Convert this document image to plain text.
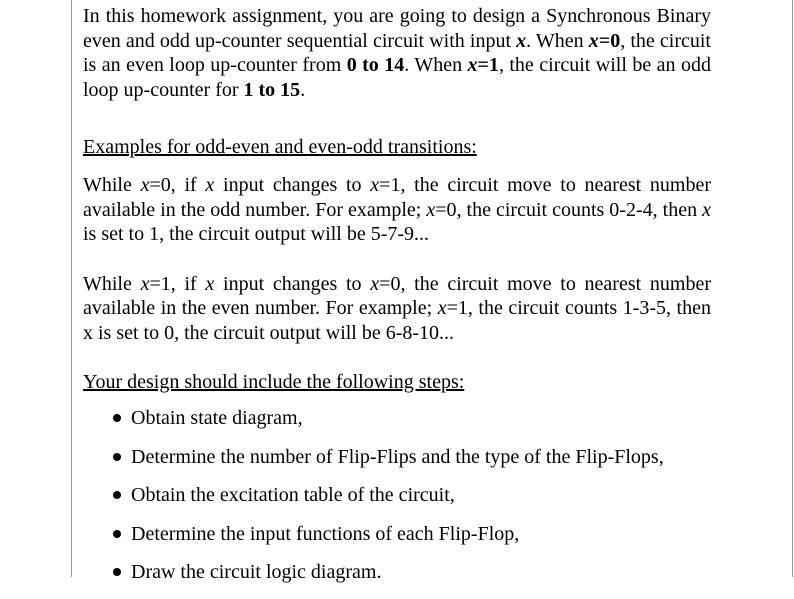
In this homework assignment, you are going to design a Synchronous Binary even and odd up-counter sequential circuit with input x. When x=0, the circuit is an even loop up-counter from 0 to 14. When x=1, the circuit will be an odd loop up-counter for 1 to 15.

Examples for odd-even and even-odd transitions:

While x=0, if x input changes to x=1, the circuit move to nearest number available in the odd number. For example; x=0, the circuit counts 0-2-4, then x is set to 1, the circuit output will be 5-7-9...

While x=1, if x input changes to x=0, the circuit move to nearest number available in the even number. For example; x=1, the circuit counts 1-3-5, then x is set to 0, the circuit output will be 6-8-10...

Your design should include the following steps:
Obtain state diagram,
Determine the number of Flip-Flips and the type of the Flip-Flops,
Obtain the excitation table of the circuit,
Determine the input functions of each Flip-Flop,
Draw the circuit logic diagram.
